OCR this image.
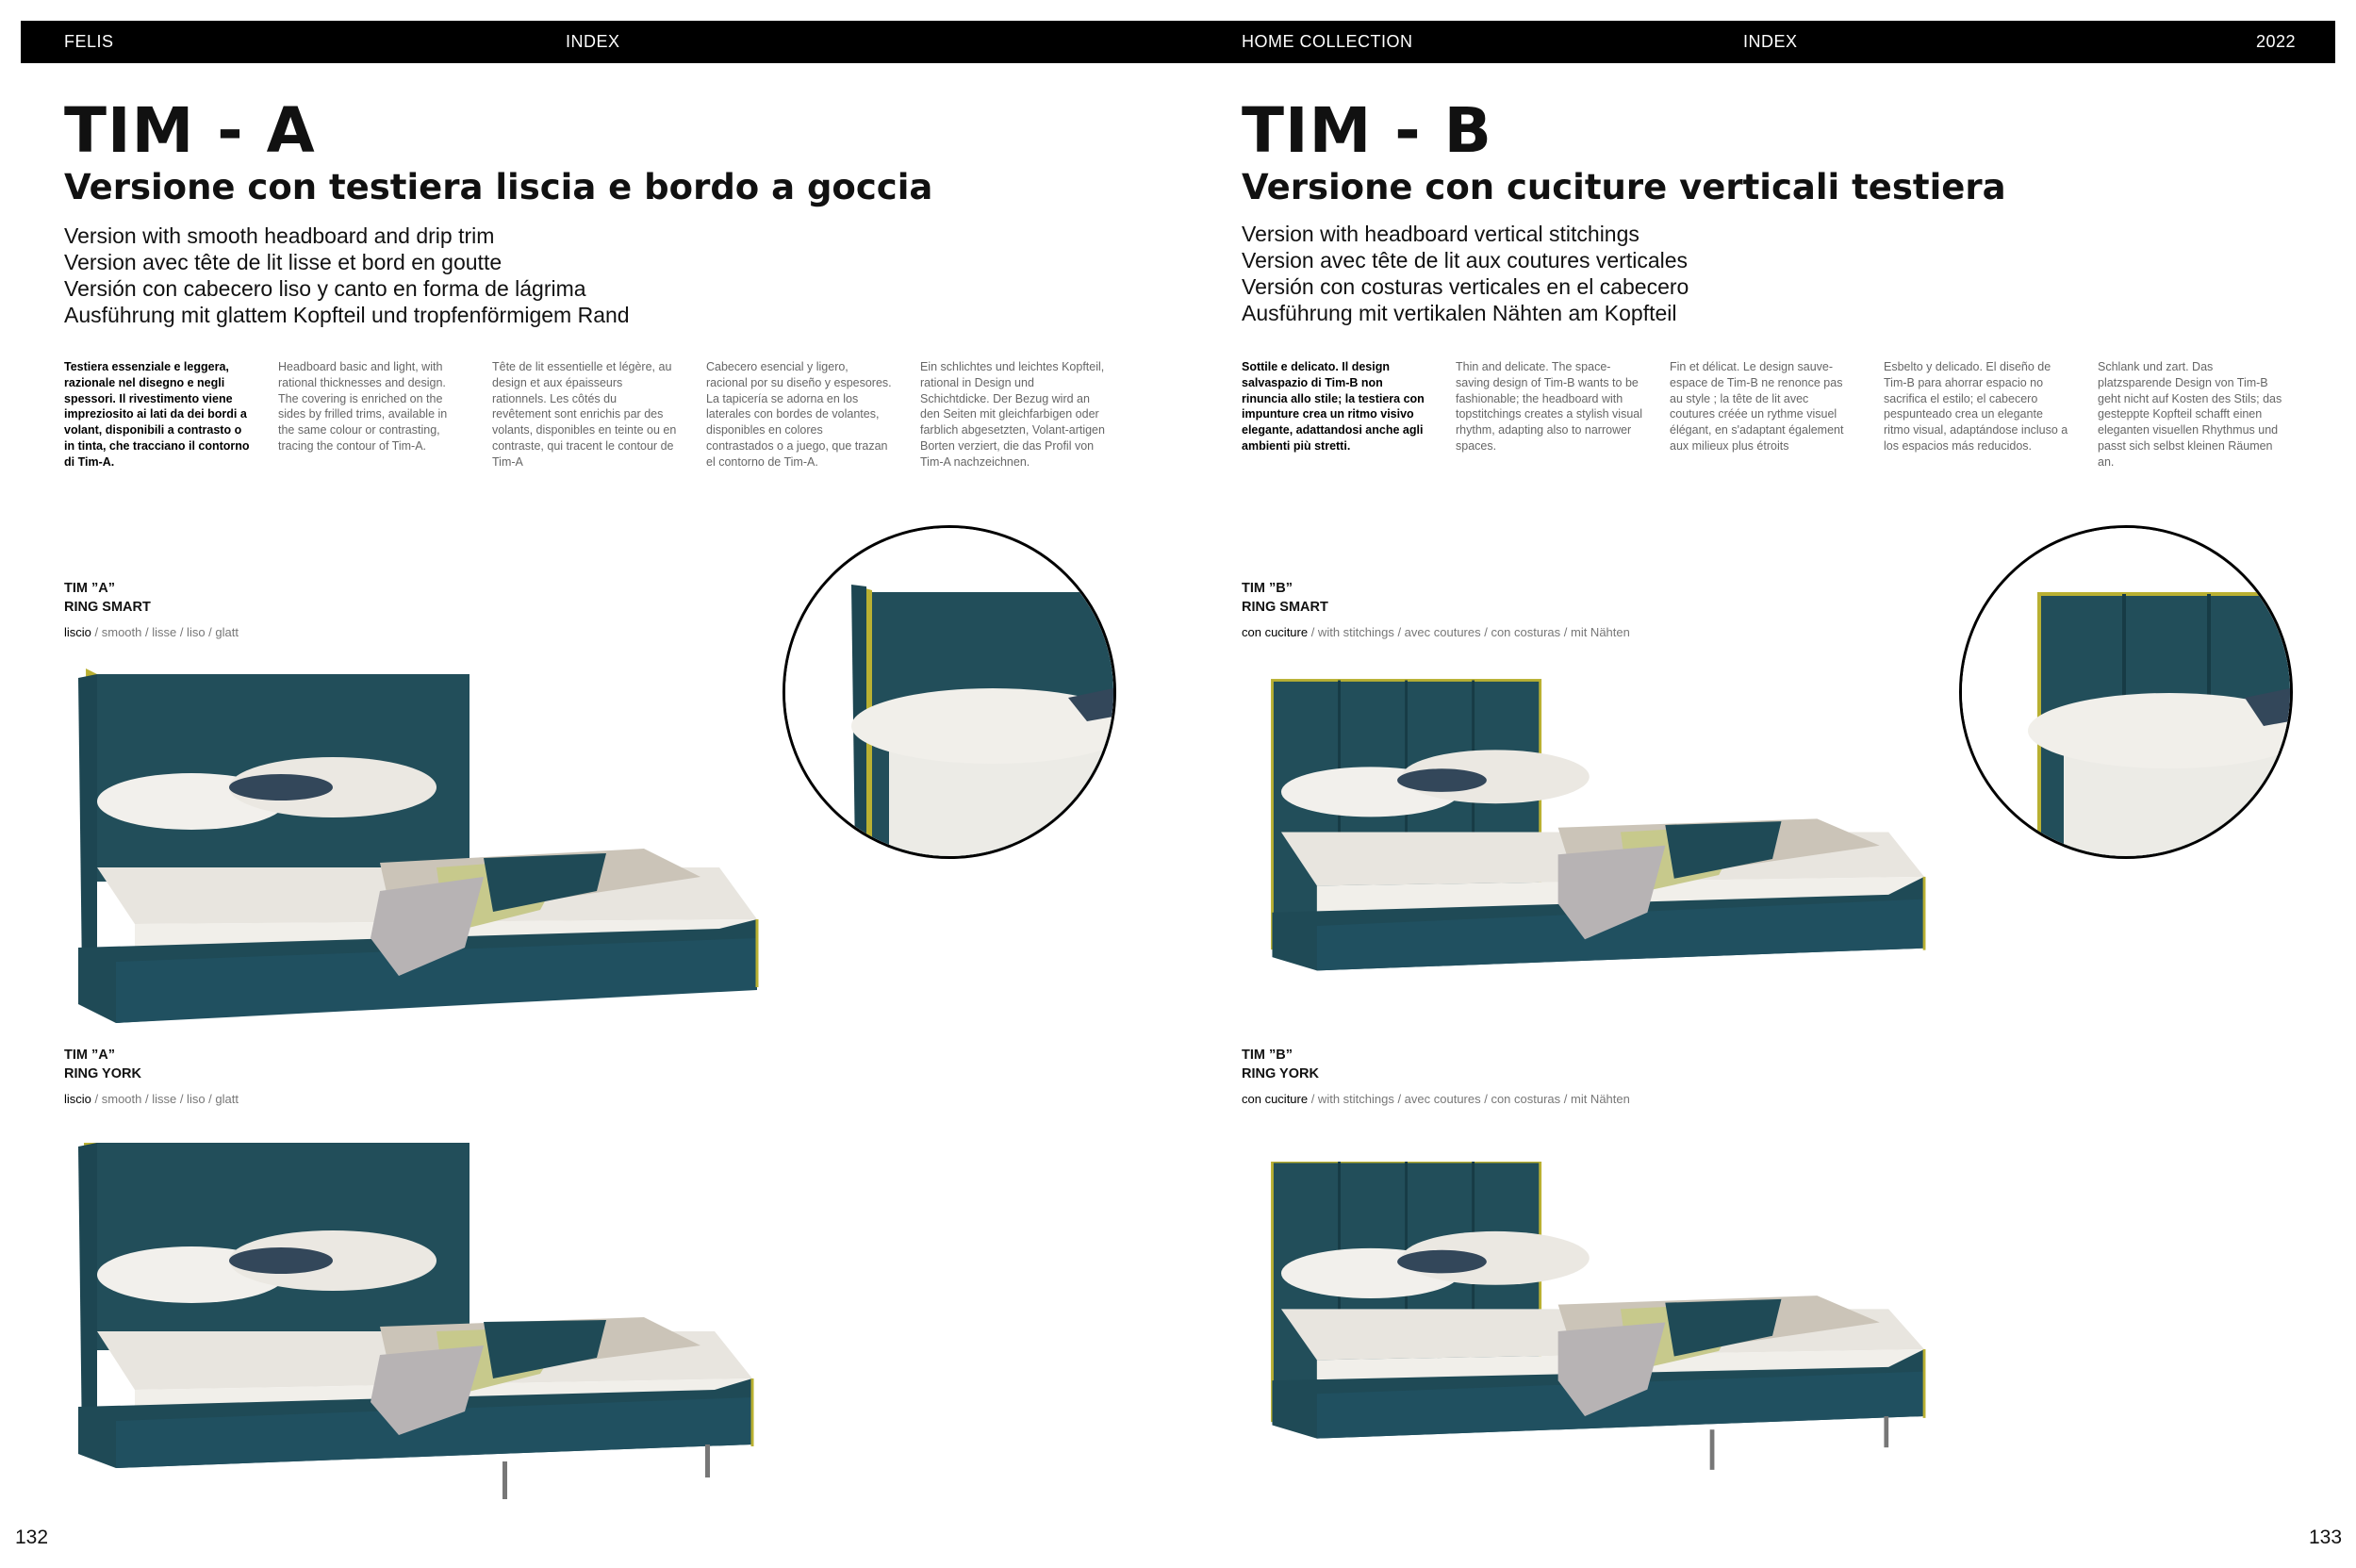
FELIS	INDEX	HOME COLLECTION	INDEX	2022
TIM - A
Versione con testiera liscia e bordo a goccia
Version with smooth headboard and drip trim
Version avec tête de lit lisse et bord en goutte
Versión con cabecero liso y canto en forma de lágrima
Ausführung mit glattem Kopfteil und tropfenförmigem Rand
Testiera essenziale e leggera, razionale nel disegno e negli spessori. Il rivestimento viene impreziosito ai lati da dei bordi a volant, disponibili a contrasto o in tinta, che tracciano il contorno di Tim-A.
Headboard basic and light, with rational thicknesses and design. The covering is enriched on the sides by frilled trims, available in the same colour or contrasting, tracing the contour of Tim-A.
Tête de lit essentielle et légère, au design et aux épaisseurs rationnels. Les côtés du revêtement sont enrichis par des volants, disponibles en teinte ou en contraste, qui tracent le contour de Tim-A
Cabecero esencial y ligero, racional por su diseño y espesores. La tapicería se adorna en los laterales con bordes de volantes, disponibles en colores contrastados o a juego, que trazan el contorno de Tim-A.
Ein schlichtes und leichtes Kopfteil, rational in Design und Schichtdicke. Der Bezug wird an den Seiten mit gleichfarbigen oder farblich abgesetzten, Volant-artigen Borten verziert, die das Profil von Tim-A nachzeichnen.
TIM ”A”
RING SMART
liscio / smooth / lisse / liso / glatt
TIM ”A”
RING YORK
liscio / smooth / lisse / liso / glatt
132
TIM - B
Versione con cuciture verticali testiera
Version with headboard vertical stitchings
Version avec tête de lit aux coutures verticales
Versión con costuras verticales en el cabecero
Ausführung mit vertikalen Nähten am Kopfteil
Sottile e delicato. Il design salvaspazio di Tim-B non rinuncia allo stile; la testiera con impunture crea un ritmo visivo elegante, adattandosi anche agli ambienti più stretti.
Thin and delicate. The space-saving design of Tim-B wants to be fashionable; the headboard with topstitchings creates a stylish visual rhythm, adapting also to narrower spaces.
Fin et délicat. Le design sauve-espace de Tim-B ne renonce pas au style ; la tête de lit avec coutures créée un rythme visuel élégant, en s'adaptant également aux milieux plus étroits
Esbelto y delicado. El diseño de Tim-B para ahorrar espacio no sacrifica el estilo; el cabecero pespunteado crea un elegante ritmo visual, adaptándose incluso a los espacios más reducidos.
Schlank und zart. Das platzsparende Design von Tim-B geht nicht auf Kosten des Stils; das gesteppte Kopfteil schafft einen eleganten visuellen Rhythmus und passt sich selbst kleinen Räumen an.
TIM ”B”
RING SMART
con cuciture / with stitchings / avec coutures / con costuras / mit Nähten
TIM ”B”
RING YORK
con cuciture / with stitchings / avec coutures / con costuras / mit Nähten
133
